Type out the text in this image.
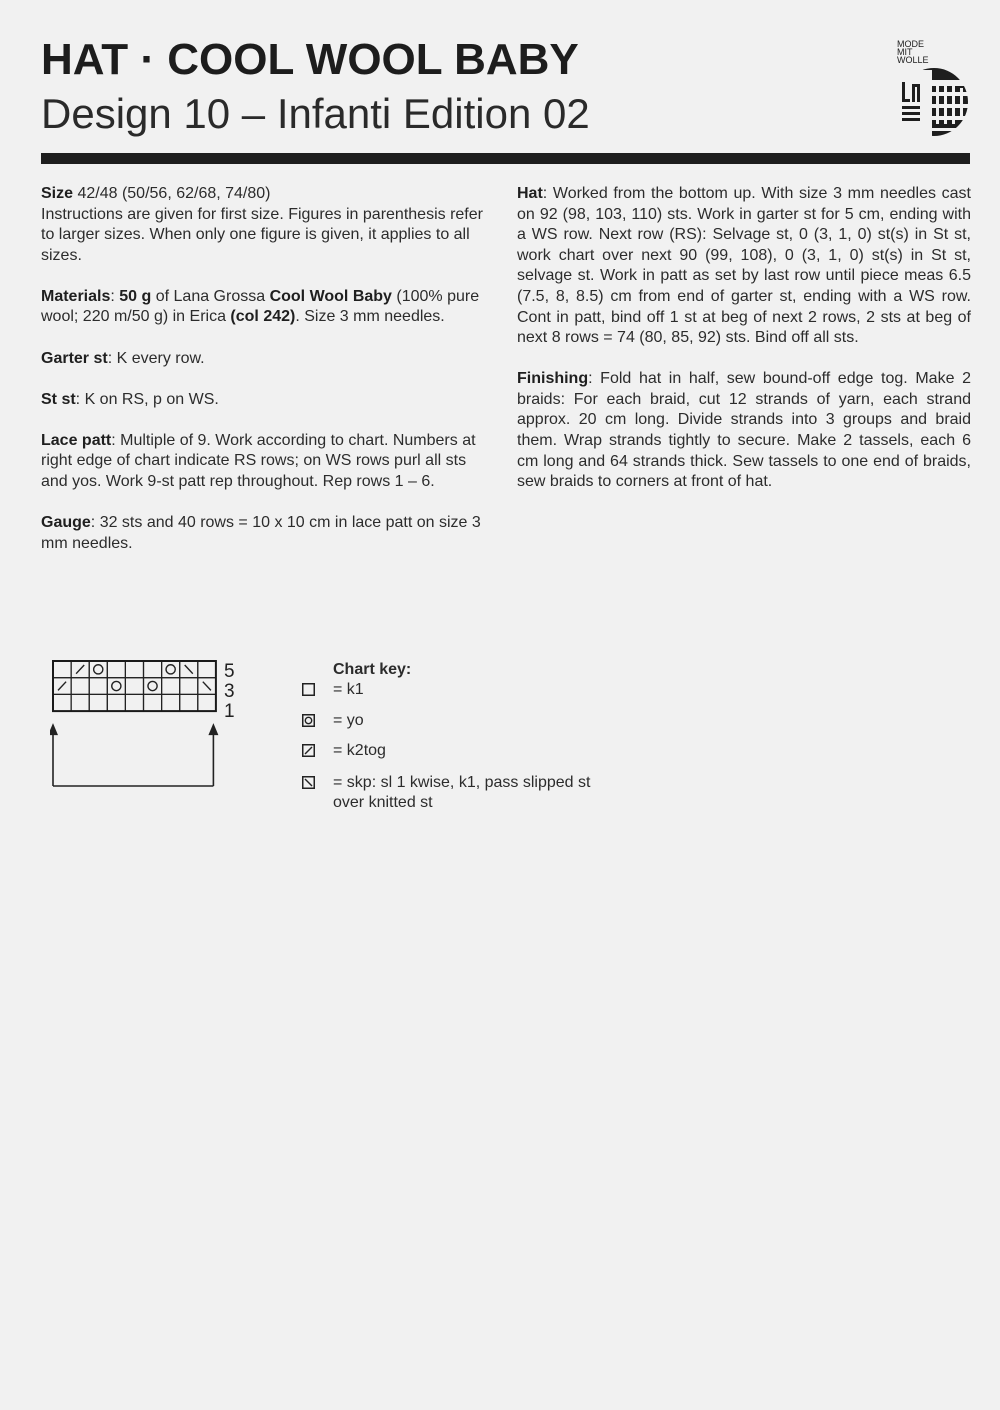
HAT · COOL WOOL BABY
Design 10 – Infanti Edition 02
MODE
MIT
WOLLE

Size 42/48 (50/56, 62/68, 74/80)
Instructions are given for first size. Figures in parenthesis refer to larger sizes. When only one figure is given, it applies to all sizes.

Materials: 50 g of Lana Grossa Cool Wool Baby (100% pure wool; 220 m/50 g) in Erica (col 242). Size 3 mm needles.

Garter st: K every row.

St st: K on RS, p on WS.

Lace patt: Multiple of 9. Work according to chart. Numbers at right edge of chart indicate RS rows; on WS rows purl all sts and yos. Work 9-st patt rep throughout. Rep rows 1 – 6.

Gauge: 32 sts and 40 rows = 10 x 10 cm in lace patt on size 3 mm needles.

Hat: Worked from the bottom up. With size 3 mm needles cast on 92 (98, 103, 110) sts. Work in garter st for 5 cm, ending with a WS row. Next row (RS): Selvage st, 0 (3, 1, 0) st(s) in St st, work chart over next 90 (99, 108), 0 (3, 1, 0) st(s) in St st, selvage st. Work in patt as set by last row until piece meas 6.5 (7.5, 8, 8.5) cm from end of garter st, ending with a WS row. Cont in patt, bind off 1 st at beg of next 2 rows, 2 sts at beg of next 8 rows = 74 (80, 85, 92) sts. Bind off all sts.

Finishing: Fold hat in half, sew bound-off edge tog. Make 2 braids: For each braid, cut 12 strands of yarn, each strand approx. 20 cm long. Divide strands into 3 groups and braid them. Wrap strands tightly to secure. Make 2 tassels, each 6 cm long and 64 strands thick. Sew tassels to one end of braids, sew braids to corners at front of hat.

5
3
1
Chart key:
= k1
= yo
= k2tog
= skp: sl 1 kwise, k1, pass slipped st over knitted st
